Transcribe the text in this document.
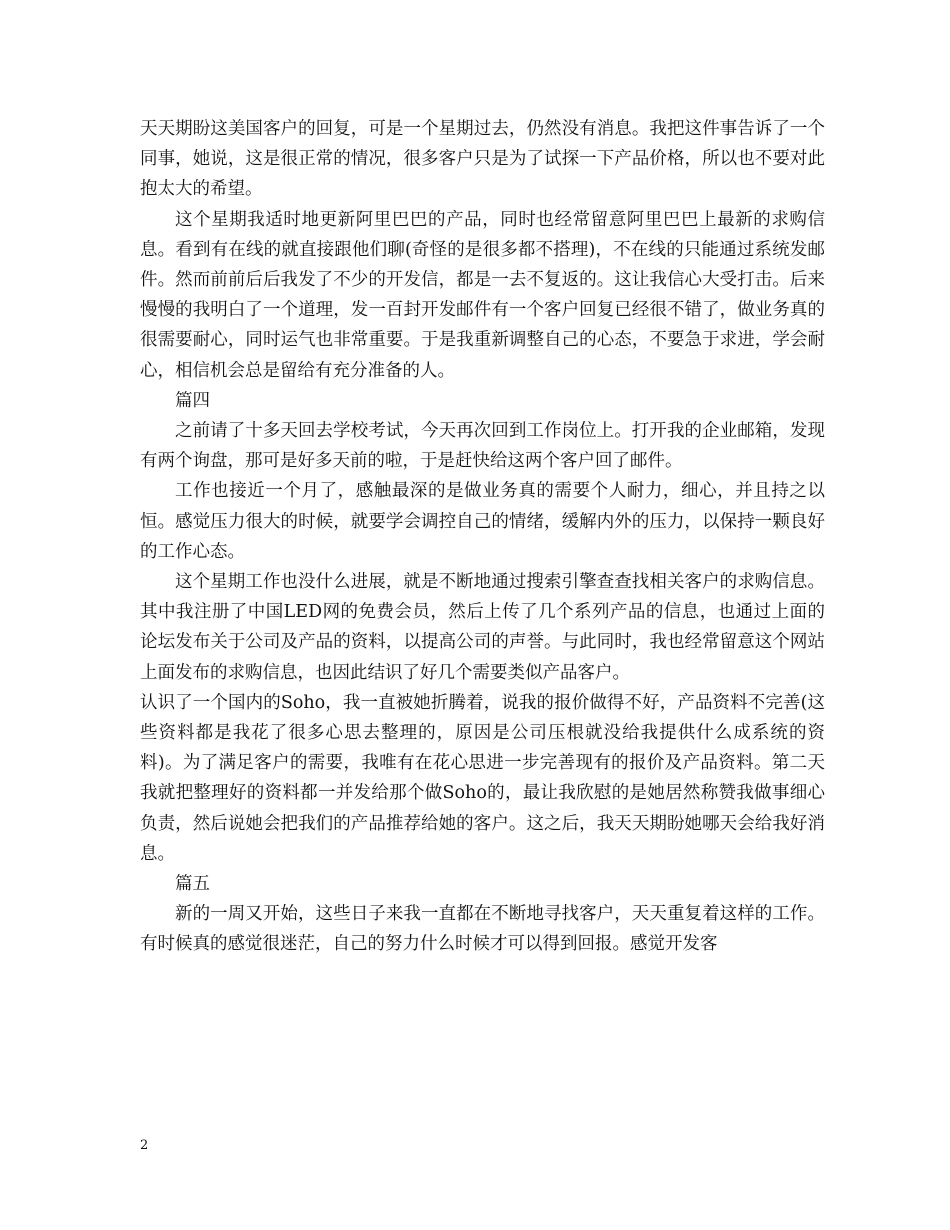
天天期盼这美国客户的回复，可是一个星期过去，仍然没有消息。我把这件事告诉了一个同事，她说，这是很正常的情况，很多客户只是为了试探一下产品价格，所以也不要对此抱太大的希望。

这个星期我适时地更新阿里巴巴的产品，同时也经常留意阿里巴巴上最新的求购信息。看到有在线的就直接跟他们聊(奇怪的是很多都不搭理)，不在线的只能通过系统发邮件。然而前前后后我发了不少的开发信，都是一去不复返的。这让我信心大受打击。后来慢慢的我明白了一个道理，发一百封开发邮件有一个客户回复已经很不错了，做业务真的很需要耐心，同时运气也非常重要。于是我重新调整自己的心态，不要急于求进，学会耐心，相信机会总是留给有充分准备的人。

篇四

之前请了十多天回去学校考试，今天再次回到工作岗位上。打开我的企业邮箱，发现有两个询盘，那可是好多天前的啦，于是赶快给这两个客户回了邮件。

工作也接近一个月了，感触最深的是做业务真的需要个人耐力，细心，并且持之以恒。感觉压力很大的时候，就要学会调控自己的情绪，缓解内外的压力，以保持一颗良好的工作心态。

这个星期工作也没什么进展，就是不断地通过搜索引擎查查找相关客户的求购信息。其中我注册了中国LED网的免费会员，然后上传了几个系列产品的信息，也通过上面的论坛发布关于公司及产品的资料，以提高公司的声誉。与此同时，我也经常留意这个网站上面发布的求购信息，也因此结识了好几个需要类似产品客户。

认识了一个国内的Soho，我一直被她折腾着，说我的报价做得不好，产品资料不完善(这些资料都是我花了很多心思去整理的，原因是公司压根就没给我提供什么成系统的资料)。为了满足客户的需要，我唯有在花心思进一步完善现有的报价及产品资料。第二天我就把整理好的资料都一并发给那个做Soho的，最让我欣慰的是她居然称赞我做事细心负责，然后说她会把我们的产品推荐给她的客户。这之后，我天天期盼她哪天会给我好消息。

篇五

新的一周又开始，这些日子来我一直都在不断地寻找客户，天天重复着这样的工作。有时候真的感觉很迷茫，自己的努力什么时候才可以得到回报。感觉开发客

2
